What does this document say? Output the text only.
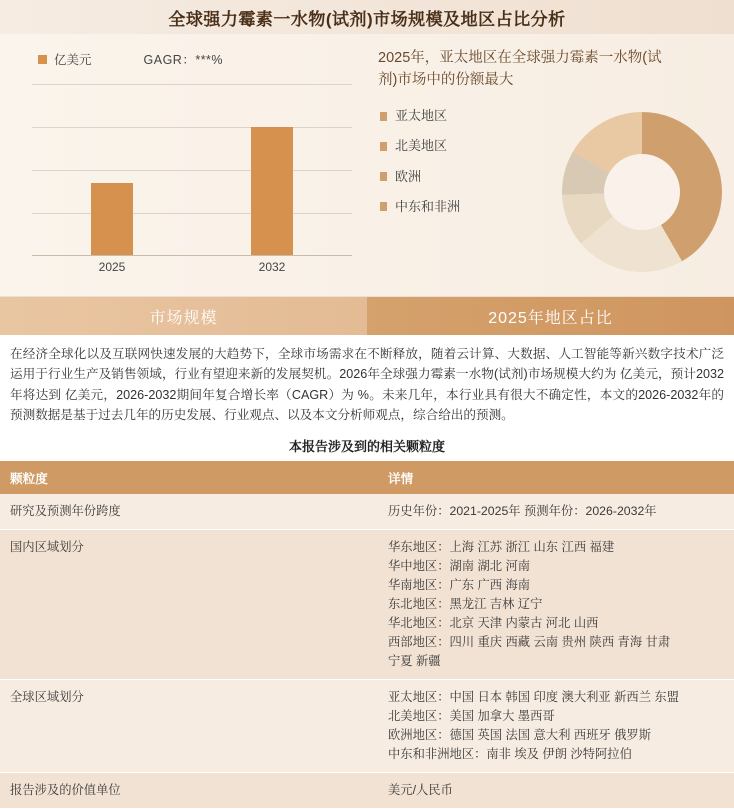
全球强力霉素一水物(试剂)市场规模及地区占比分析
亿美元	GAGR：***%
2025	2032
2025年，亚太地区在全球强力霉素一水物(试剂)市场中的份额最大
亚太地区
北美地区
欧洲
中东和非洲
市场规模	2025年地区占比
在经济全球化以及互联网快速发展的大趋势下，全球市场需求在不断释放，随着云计算、大数据、人工智能等新兴数字技术广泛运用于行业生产及销售领域，行业有望迎来新的发展契机。2026年全球强力霉素一水物(试剂)市场规模大约为 亿美元，预计2032年将达到 亿美元，2026-2032期间年复合增长率（CAGR）为 %。未来几年，本行业具有很大不确定性，本文的2026-2032年的预测数据是基于过去几年的历史发展、行业观点、以及本文分析师观点，综合给出的预测。
本报告涉及到的相关颗粒度
颗粒度	详情
研究及预测年份跨度	历史年份：2021-2025年 预测年份：2026-2032年

国内区域划分	华东地区：上海 江苏 浙江 山东 江西 福建
华中地区：湖南 湖北 河南
华南地区：广东 广西 海南
东北地区：黑龙江 吉林 辽宁
华北地区：北京 天津 内蒙古 河北 山西
西部地区：四川 重庆 西藏 云南 贵州 陕西 青海 甘肃
宁夏 新疆

全球区域划分	亚太地区：中国 日本 韩国 印度 澳大利亚 新西兰 东盟
北美地区：美国 加拿大 墨西哥
欧洲地区：德国 英国 法国 意大利 西班牙 俄罗斯
中东和非洲地区：南非 埃及 伊朗 沙特阿拉伯

报告涉及的价值单位	美元/人民币
